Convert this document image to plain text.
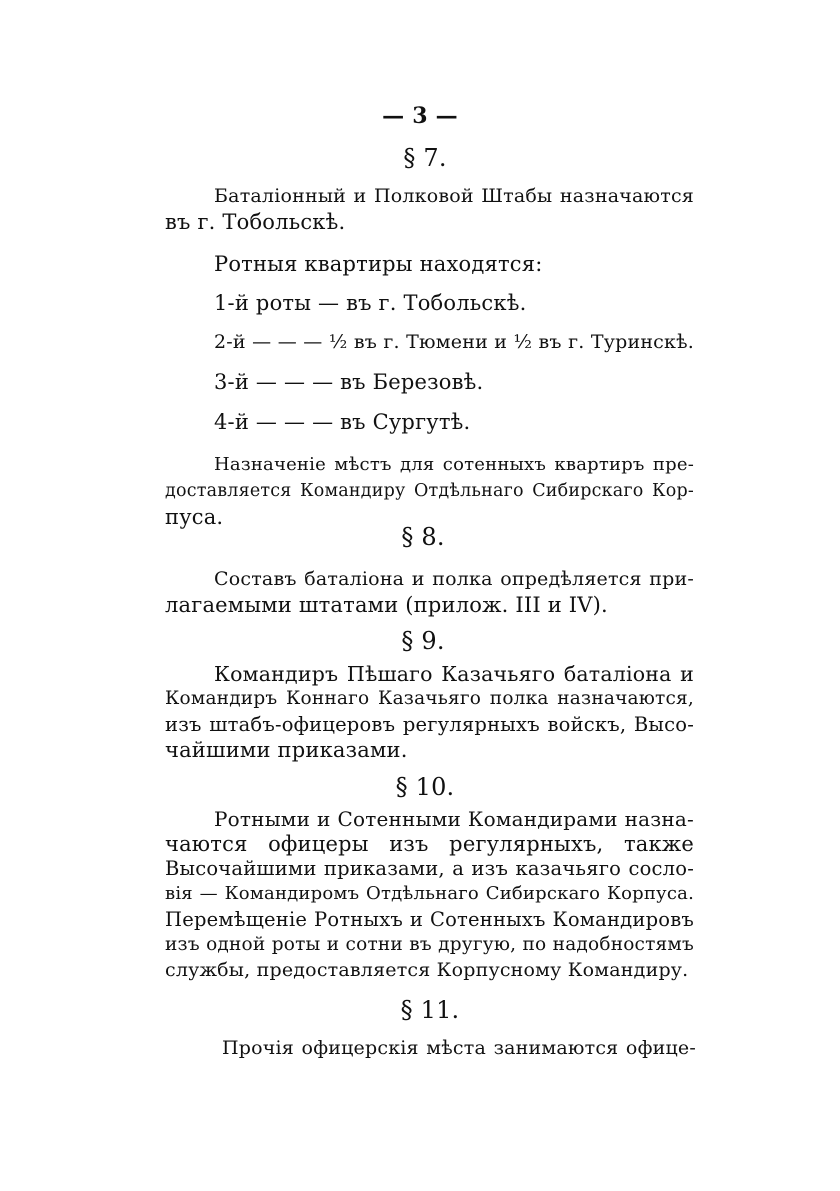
— 3 —
§ 7.
Баталіонный и Полковой Штабы назначаются
въ г. Тобольскѣ.
Ротныя квартиры находятся:
1-й роты — въ г. Тобольскѣ.
2-й — — — ½ въ г. Тюмени и ½ въ г. Туринскѣ.
3-й — — — въ Березовѣ.
4-й — — — въ Сургутѣ.
Назначеніе мѣстъ для сотенныхъ квартиръ пре-
доставляется Командиру Отдѣльнаго Сибирскаго Кор-
пуса.
§ 8.
Составъ баталіона и полка опредѣляется при-
лагаемыми штатами (прилож. III и IV).
§ 9.
Командиръ Пѣшаго Казачьяго баталіона и
Командиръ Коннаго Казачьяго полка назначаются,
изъ штабъ-офицеровъ регулярныхъ войскъ, Высо-
чайшими приказами.
§ 10.
Ротными и Сотенными Командирами назна-
чаются офицеры изъ регулярныхъ, также
Высочайшими приказами, а изъ казачьяго сосло-
вія — Командиромъ Отдѣльнаго Сибирскаго Корпуса.
Перемѣщеніе Ротныхъ и Сотенныхъ Командировъ
изъ одной роты и сотни въ другую, по надобностямъ
службы, предоставляется Корпусному Командиру.
§ 11.
Прочія офицерскія мѣста занимаются офице-
